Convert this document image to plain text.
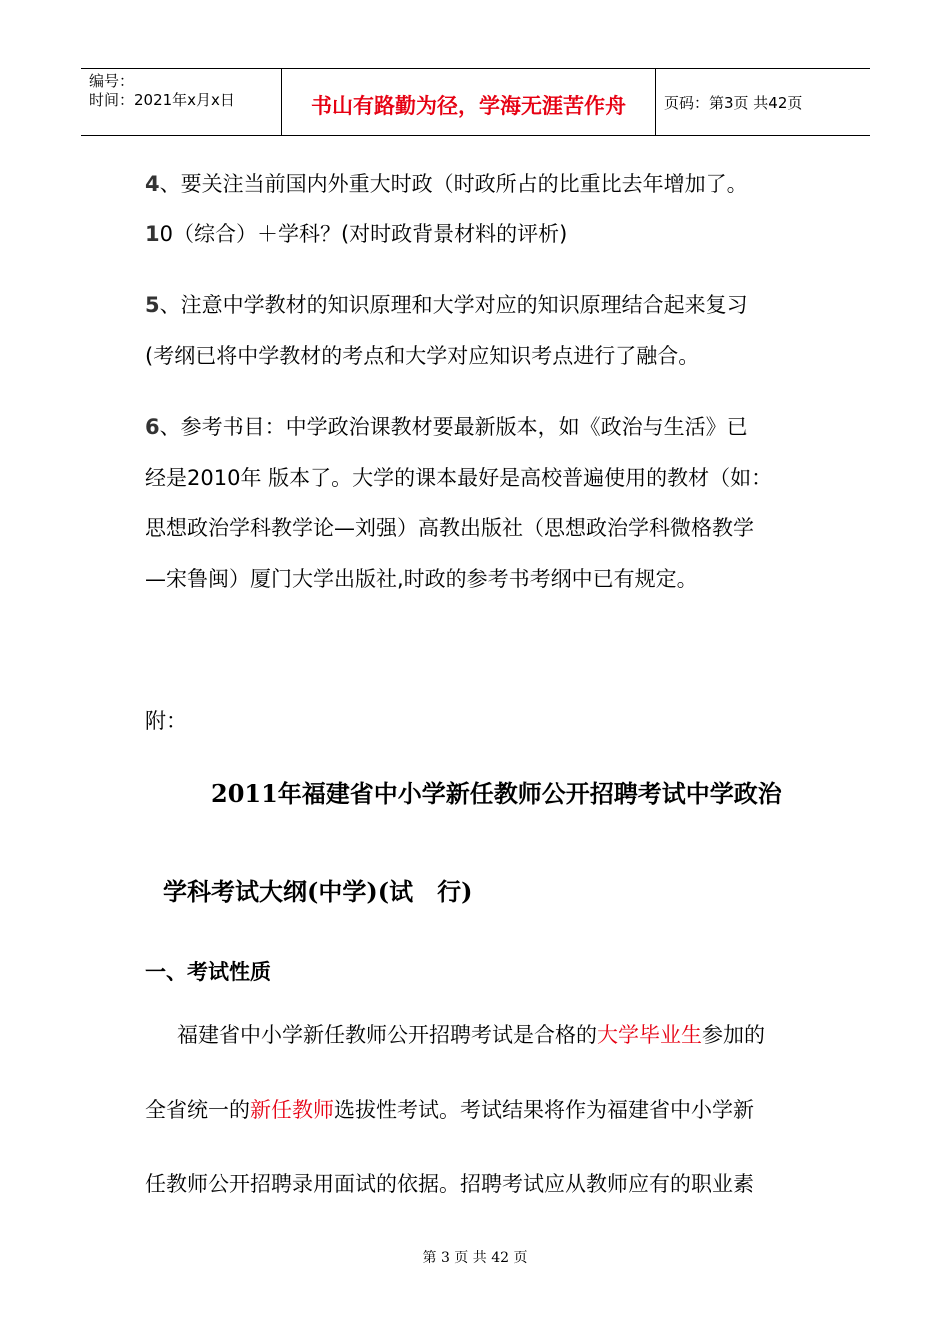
编号：
时间：2021年x月x日	书山有路勤为径，学海无涯苦作舟	页码：第3页 共42页
4、要关注当前国内外重大时政（时政所占的比重比去年增加了。
10（综合）＋学科？(对时政背景材料的评析)
5、注意中学教材的知识原理和大学对应的知识原理结合起来复习
(考纲已将中学教材的考点和大学对应知识考点进行了融合。
6、参考书目：中学政治课教材要最新版本，如《政治与生活》已
经是2010年 版本了。大学的课本最好是高校普遍使用的教材（如：
思想政治学科教学论—刘强）高教出版社（思想政治学科微格教学
—宋鲁闽）厦门大学出版社,时政的参考书考纲中已有规定。
附：
2011年福建省中小学新任教师公开招聘考试中学政治
学科考试大纲(中学)(试　行)
一、考试性质
福建省中小学新任教师公开招聘考试是合格的大学毕业生参加的
全省统一的新任教师选拔性考试。考试结果将作为福建省中小学新
任教师公开招聘录用面试的依据。招聘考试应从教师应有的职业素
第 3 页 共 42 页
